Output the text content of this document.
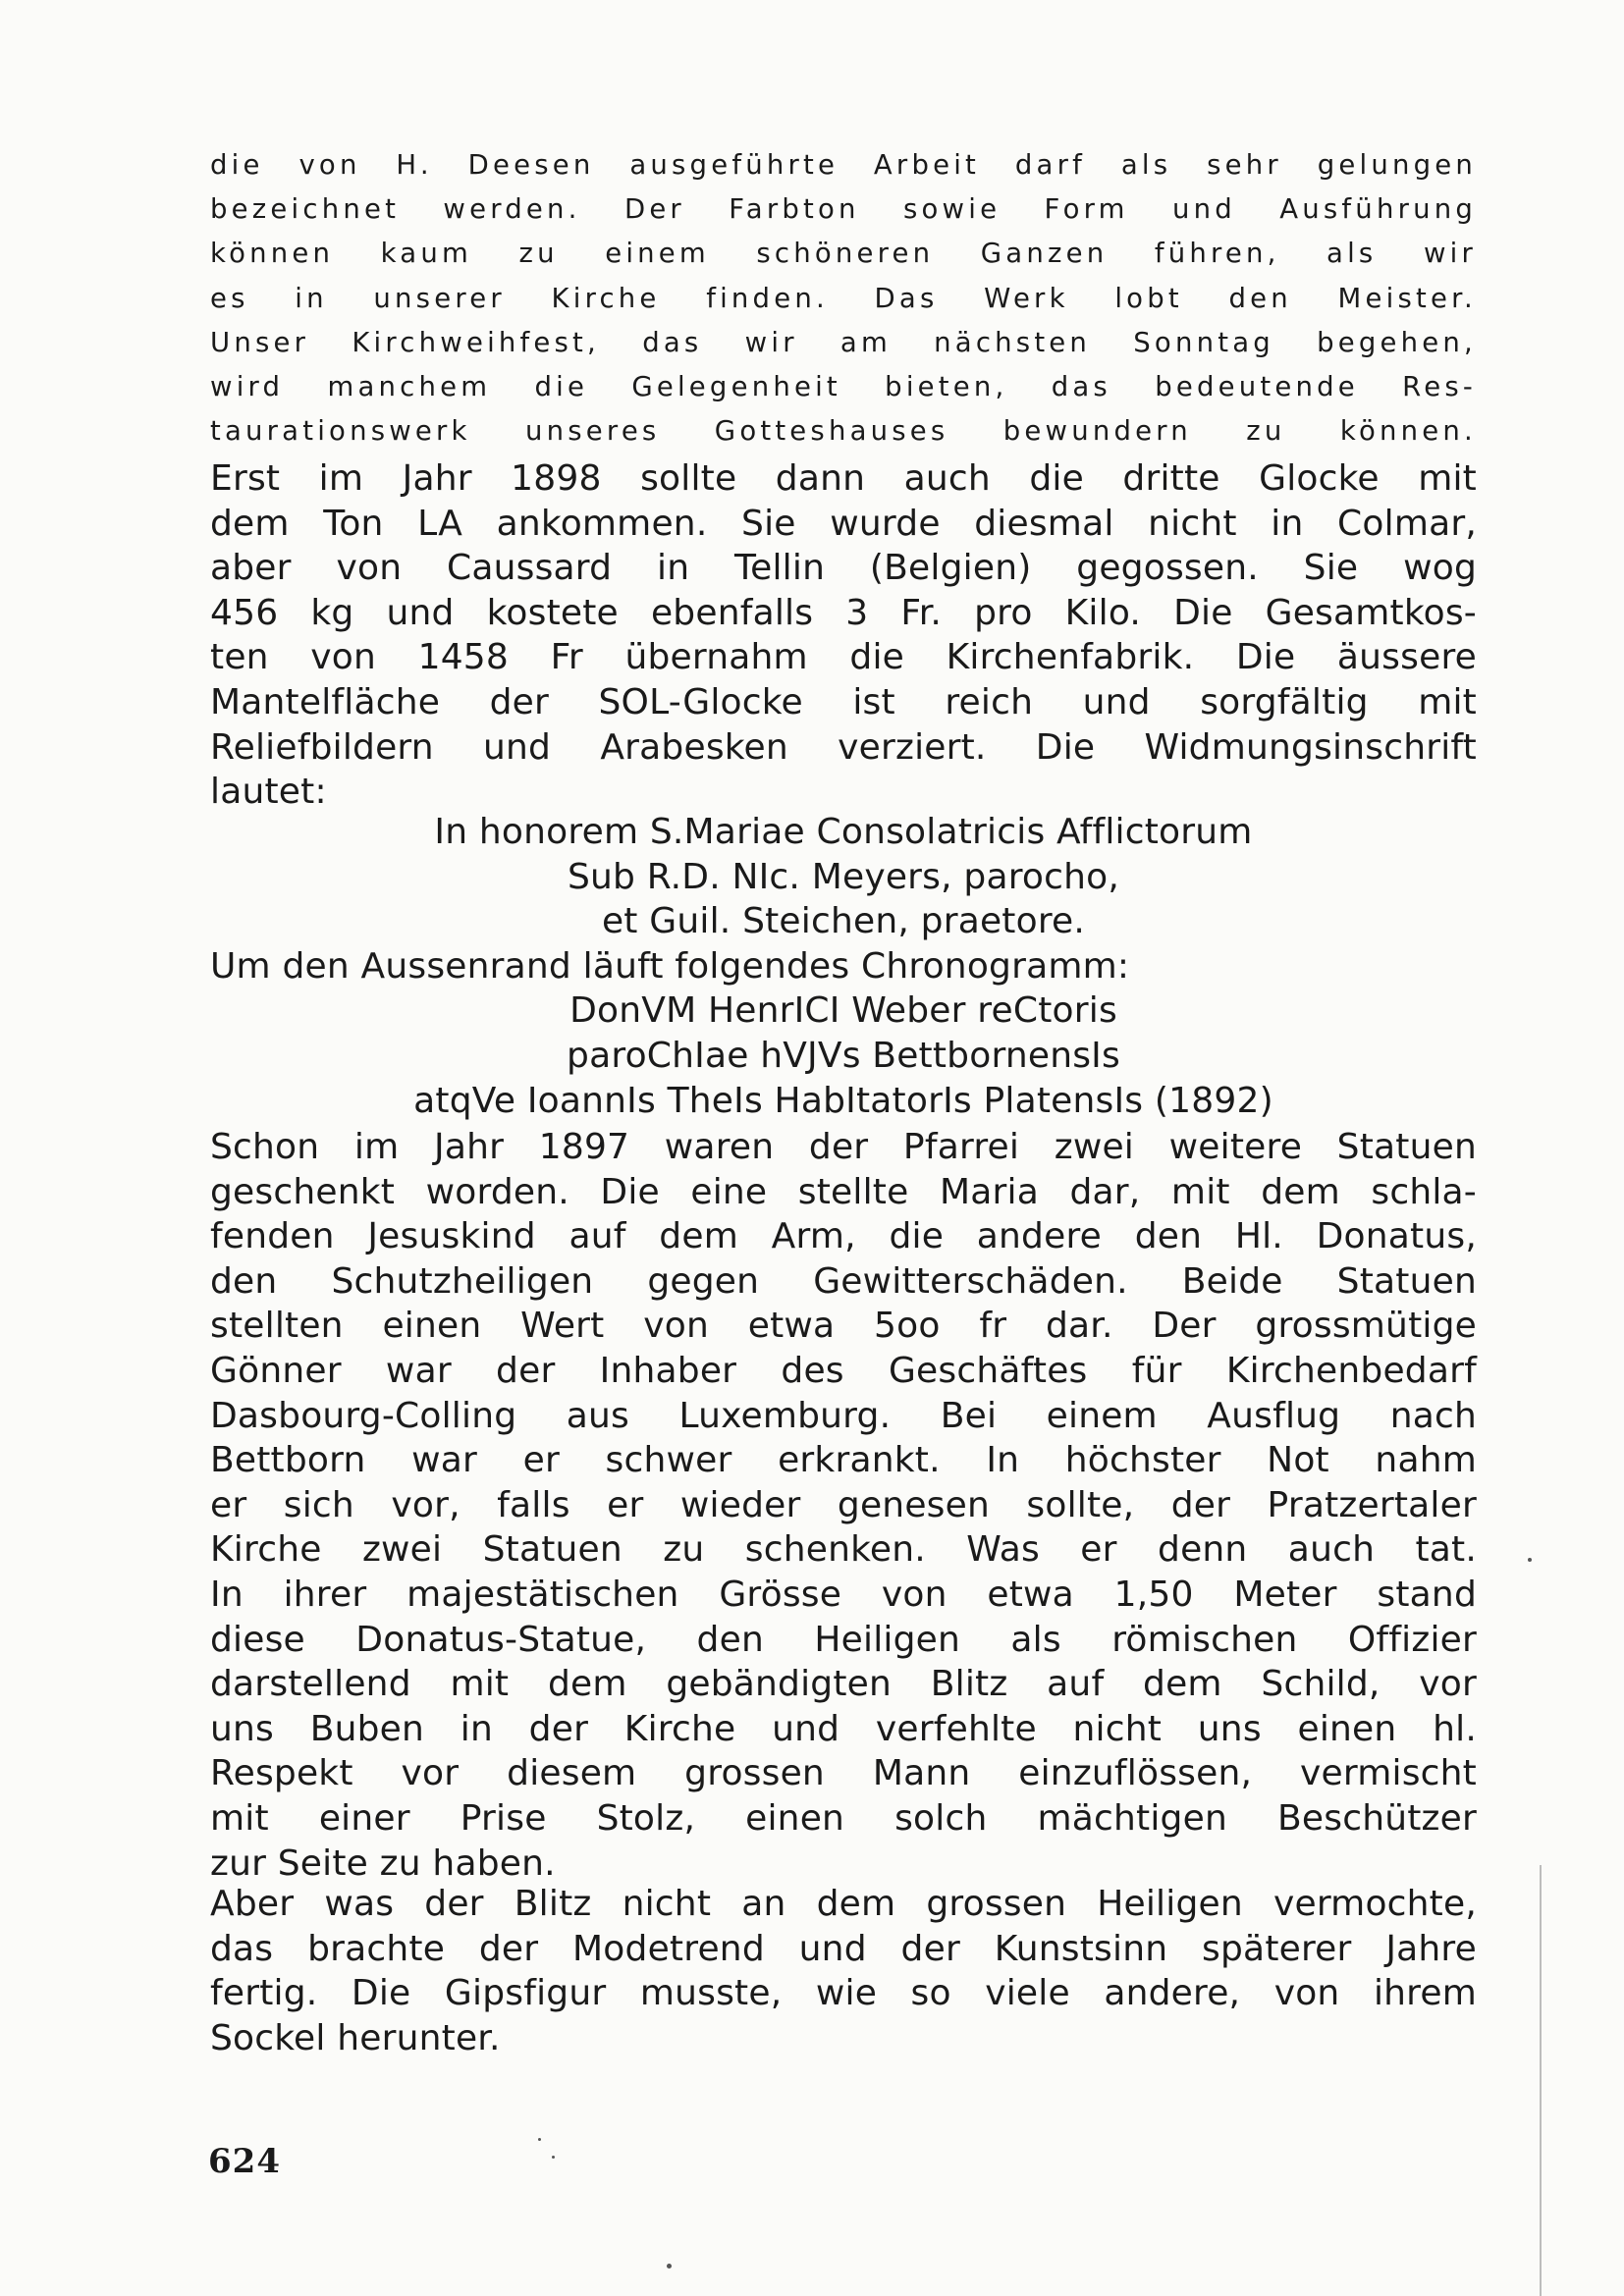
die von H. Deesen ausgeführte Arbeit darf als sehr gelungen
bezeichnet werden. Der Farbton sowie Form und Ausführung
können kaum zu einem schöneren Ganzen führen, als wir
es in unserer Kirche finden. Das Werk lobt den Meister.
Unser Kirchweihfest, das wir am nächsten Sonntag begehen,
wird manchem die Gelegenheit bieten, das bedeutende Res-
taurationswerk unseres Gotteshauses bewundern zu können.
Erst im Jahr 1898 sollte dann auch die dritte Glocke mit
dem Ton LA ankommen. Sie wurde diesmal nicht in Colmar,
aber von Caussard in Tellin (Belgien) gegossen. Sie wog
456 kg und kostete ebenfalls 3 Fr. pro Kilo. Die Gesamtkos-
ten von 1458 Fr übernahm die Kirchenfabrik. Die äussere
Mantelfläche der SOL-Glocke ist reich und sorgfältig mit
Reliefbildern und Arabesken verziert. Die Widmungsinschrift
lautet:
In honorem S.Mariae Consolatricis Afflictorum
Sub R.D. NIc. Meyers, parocho,
et Guil. Steichen, praetore.
Um den Aussenrand läuft folgendes Chronogramm:
DonVM HenrICI Weber reCtoris
paroChIae hVJVs BettbornensIs
atqVe IoannIs TheIs HabItatorIs PlatensIs (1892)
Schon im Jahr 1897 waren der Pfarrei zwei weitere Statuen
geschenkt worden. Die eine stellte Maria dar, mit dem schla-
fenden Jesuskind auf dem Arm, die andere den Hl. Donatus,
den Schutzheiligen gegen Gewitterschäden. Beide Statuen
stellten einen Wert von etwa 5oo fr dar. Der grossmütige
Gönner war der Inhaber des Geschäftes für Kirchenbedarf
Dasbourg-Colling aus Luxemburg. Bei einem Ausflug nach
Bettborn war er schwer erkrankt. In höchster Not nahm
er sich vor, falls er wieder genesen sollte, der Pratzertaler
Kirche zwei Statuen zu schenken. Was er denn auch tat.
In ihrer majestätischen Grösse von etwa 1,50 Meter stand
diese Donatus-Statue, den Heiligen als römischen Offizier
darstellend mit dem gebändigten Blitz auf dem Schild, vor
uns Buben in der Kirche und verfehlte nicht uns einen hl.
Respekt vor diesem grossen Mann einzuflössen, vermischt
mit einer Prise Stolz, einen solch mächtigen Beschützer
zur Seite zu haben.
Aber was der Blitz nicht an dem grossen Heiligen vermochte,
das brachte der Modetrend und der Kunstsinn späterer Jahre
fertig. Die Gipsfigur musste, wie so viele andere, von ihrem
Sockel herunter.
624
